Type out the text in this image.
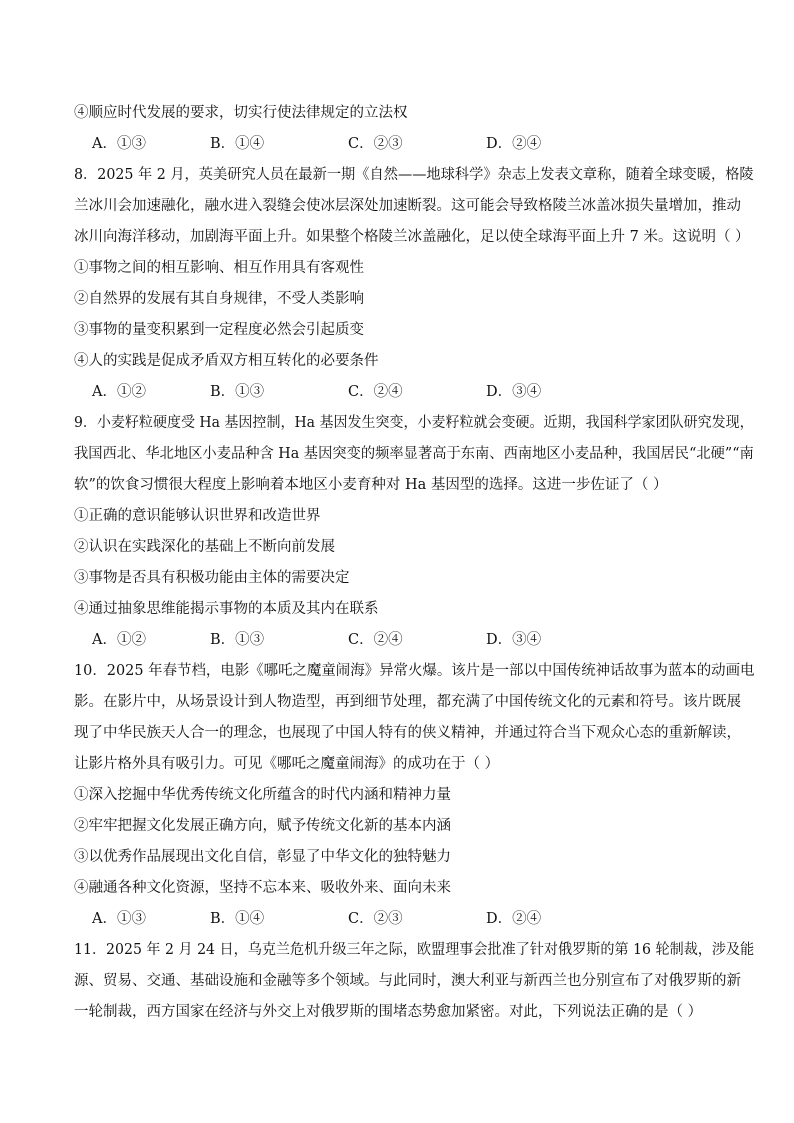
④顺应时代发展的要求，切实行使法律规定的立法权
A．①③	B．①④	C．②③	D．②④
8．2025 年 2 月，英美研究人员在最新一期《自然——地球科学》杂志上发表文章称，随着全球变暖，格陵
兰冰川会加速融化，融水进入裂缝会使冰层深处加速断裂。这可能会导致格陵兰冰盖冰损失量增加，推动
冰川向海洋移动，加剧海平面上升。如果整个格陵兰冰盖融化，足以使全球海平面上升 7 米。这说明（ ）
①事物之间的相互影响、相互作用具有客观性
②自然界的发展有其自身规律，不受人类影响
③事物的量变积累到一定程度必然会引起质变
④人的实践是促成矛盾双方相互转化的必要条件
A．①②	B．①③	C．②④	D．③④
9．小麦籽粒硬度受 Ha 基因控制，Ha 基因发生突变，小麦籽粒就会变硬。近期，我国科学家团队研究发现，
我国西北、华北地区小麦品种含 Ha 基因突变的频率显著高于东南、西南地区小麦品种，我国居民“北硬”“南
软”的饮食习惯很大程度上影响着本地区小麦育种对 Ha 基因型的选择。这进一步佐证了（ ）
①正确的意识能够认识世界和改造世界
②认识在实践深化的基础上不断向前发展
③事物是否具有积极功能由主体的需要决定
④通过抽象思维能揭示事物的本质及其内在联系
A．①②	B．①③	C．②④	D．③④
10．2025 年春节档，电影《哪吒之魔童闹海》异常火爆。该片是一部以中国传统神话故事为蓝本的动画电
影。在影片中，从场景设计到人物造型，再到细节处理，都充满了中国传统文化的元素和符号。该片既展
现了中华民族天人合一的理念，也展现了中国人特有的侠义精神，并通过符合当下观众心态的重新解读，
让影片格外具有吸引力。可见《哪吒之魔童闹海》的成功在于（ ）
①深入挖掘中华优秀传统文化所蕴含的时代内涵和精神力量
②牢牢把握文化发展正确方向，赋予传统文化新的基本内涵
③以优秀作品展现出文化自信，彰显了中华文化的独特魅力
④融通各种文化资源，坚持不忘本来、吸收外来、面向未来
A．①③	B．①④	C．②③	D．②④
11．2025 年 2 月 24 日，乌克兰危机升级三年之际，欧盟理事会批准了针对俄罗斯的第 16 轮制裁，涉及能
源、贸易、交通、基础设施和金融等多个领域。与此同时，澳大利亚与新西兰也分别宣布了对俄罗斯的新
一轮制裁，西方国家在经济与外交上对俄罗斯的围堵态势愈加紧密。对此，下列说法正确的是（ ）
